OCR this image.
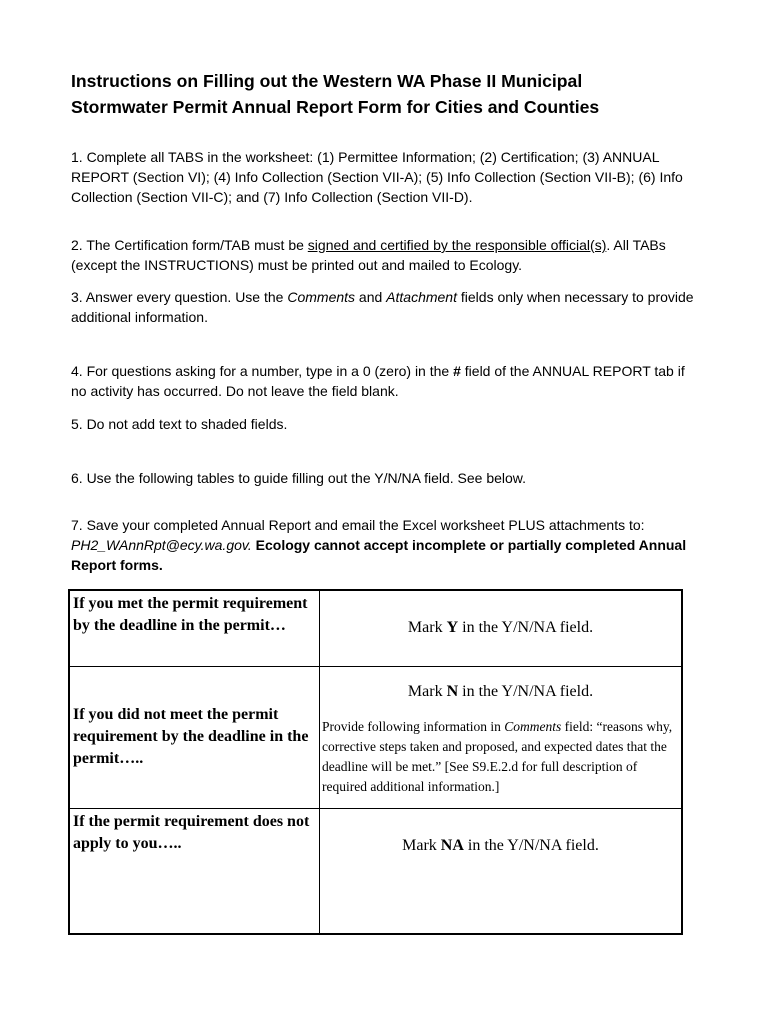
Instructions on Filling out the Western WA Phase II Municipal
Stormwater Permit Annual Report Form for Cities and Counties

1. Complete all TABS in the worksheet: (1) Permittee Information; (2) Certification; (3) ANNUAL REPORT (Section VI); (4) Info Collection (Section VII-A); (5) Info Collection (Section VII-B); (6) Info Collection (Section VII-C); and (7) Info Collection (Section VII-D).

2. The Certification form/TAB must be signed and certified by the responsible official(s). All TABs (except the INSTRUCTIONS) must be printed out and mailed to Ecology.

3. Answer every question. Use the Comments and Attachment fields only when necessary to provide additional information.

4. For questions asking for a number, type in a 0 (zero) in the # field of the ANNUAL REPORT tab if no activity has occurred. Do not leave the field blank.

5. Do not add text to shaded fields.

6. Use the following tables to guide filling out the Y/N/NA field. See below.

7. Save your completed Annual Report and email the Excel worksheet PLUS attachments to: PH2_WAnnRpt@ecy.wa.gov. Ecology cannot accept incomplete or partially completed Annual Report forms.

If you met the permit requirement by the deadline in the permit…	Mark Y in the Y/N/NA field.

If you did not meet the permit requirement by the deadline in the permit…..	Mark N in the Y/N/NA field.
Provide following information in Comments field: “reasons why, corrective steps taken and proposed, and expected dates that the deadline will be met.” [See S9.E.2.d for full description of required additional information.]

If the permit requirement does not apply to you…..	Mark NA in the Y/N/NA field.
